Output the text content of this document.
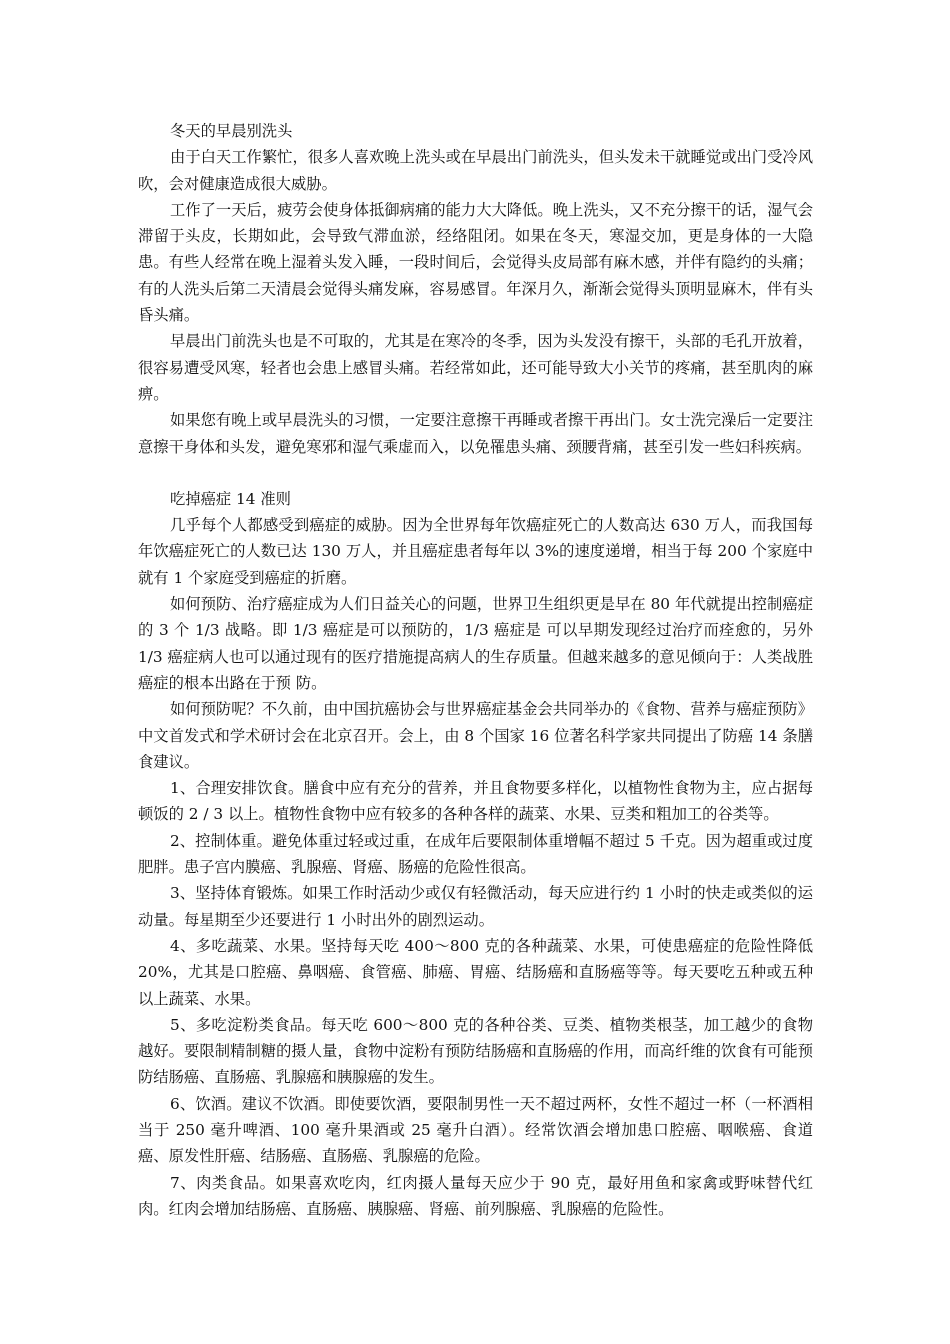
冬天的早晨别洗头

由于白天工作繁忙，很多人喜欢晚上洗头或在早晨出门前洗头，但头发未干就睡觉或出门受冷风吹，会对健康造成很大威胁。

工作了一天后，疲劳会使身体抵御病痛的能力大大降低。晚上洗头，又不充分擦干的话，湿气会滞留于头皮，长期如此，会导致气滞血淤，经络阻闭。如果在冬天，寒湿交加，更是身体的一大隐患。有些人经常在晚上湿着头发入睡，一段时间后，会觉得头皮局部有麻木感，并伴有隐约的头痛；有的人洗头后第二天清晨会觉得头痛发麻，容易感冒。年深月久，渐渐会觉得头顶明显麻木，伴有头昏头痛。

早晨出门前洗头也是不可取的，尤其是在寒冷的冬季，因为头发没有擦干，头部的毛孔开放着，很容易遭受风寒，轻者也会患上感冒头痛。若经常如此，还可能导致大小关节的疼痛，甚至肌肉的麻痹。

如果您有晚上或早晨洗头的习惯，一定要注意擦干再睡或者擦干再出门。女士洗完澡后一定要注意擦干身体和头发，避免寒邪和湿气乘虚而入，以免罹患头痛、颈腰背痛，甚至引发一些妇科疾病。

吃掉癌症 14 准则

几乎每个人都感受到癌症的威胁。因为全世界每年饮癌症死亡的人数高达 630 万人，而我国每年饮癌症死亡的人数已达 130 万人，并且癌症患者每年以 3%的速度递增，相当于每 200 个家庭中就有 1 个家庭受到癌症的折磨。

如何预防、治疗癌症成为人们日益关心的问题，世界卫生组织更是早在 80 年代就提出控制癌症的 3 个 1/3 战略。即 1/3 癌症是可以预防的，1/3 癌症是 可以早期发现经过治疗而痊愈的，另外 1/3 癌症病人也可以通过现有的医疗措施提高病人的生存质量。但越来越多的意见倾向于：人类战胜癌症的根本出路在于预 防。

如何预防呢？不久前，由中国抗癌协会与世界癌症基金会共同举办的《食物、营养与癌症预防》中文首发式和学术研讨会在北京召开。会上，由 8 个国家 16 位著名科学家共同提出了防癌 14 条膳食建议。

1、合理安排饮食。膳食中应有充分的营养，并且食物要多样化，以植物性食物为主，应占据每顿饭的 2 / 3 以上。植物性食物中应有较多的各种各样的蔬菜、水果、豆类和粗加工的谷类等。

2、控制体重。避免体重过轻或过重，在成年后要限制体重增幅不超过 5 千克。因为超重或过度肥胖。患子宫内膜癌、乳腺癌、肾癌、肠癌的危险性很高。

3、坚持体育锻炼。如果工作时活动少或仅有轻微活动，每天应进行约 1 小时的快走或类似的运动量。每星期至少还要进行 1 小时出外的剧烈运动。

4、多吃蔬菜、水果。坚持每天吃 400～800 克的各种蔬菜、水果，可使患癌症的危险性降低 20%，尤其是口腔癌、鼻咽癌、食管癌、肺癌、胃癌、结肠癌和直肠癌等等。每天要吃五种或五种以上蔬菜、水果。

5、多吃淀粉类食品。每天吃 600～800 克的各种谷类、豆类、植物类根茎，加工越少的食物越好。要限制精制糖的摄人量，食物中淀粉有预防结肠癌和直肠癌的作用，而高纤维的饮食有可能预防结肠癌、直肠癌、乳腺癌和胰腺癌的发生。

6、饮酒。建议不饮酒。即使要饮酒，要限制男性一天不超过两杯，女性不超过一杯（一杯酒相当于 250 毫升啤酒、100 毫升果酒或 25 毫升白酒）。经常饮酒会增加患口腔癌、咽喉癌、食道癌、原发性肝癌、结肠癌、直肠癌、乳腺癌的危险。

7、肉类食品。如果喜欢吃肉，红肉摄人量每天应少于 90 克，最好用鱼和家禽或野味替代红肉。红肉会增加结肠癌、直肠癌、胰腺癌、肾癌、前列腺癌、乳腺癌的危险性。
